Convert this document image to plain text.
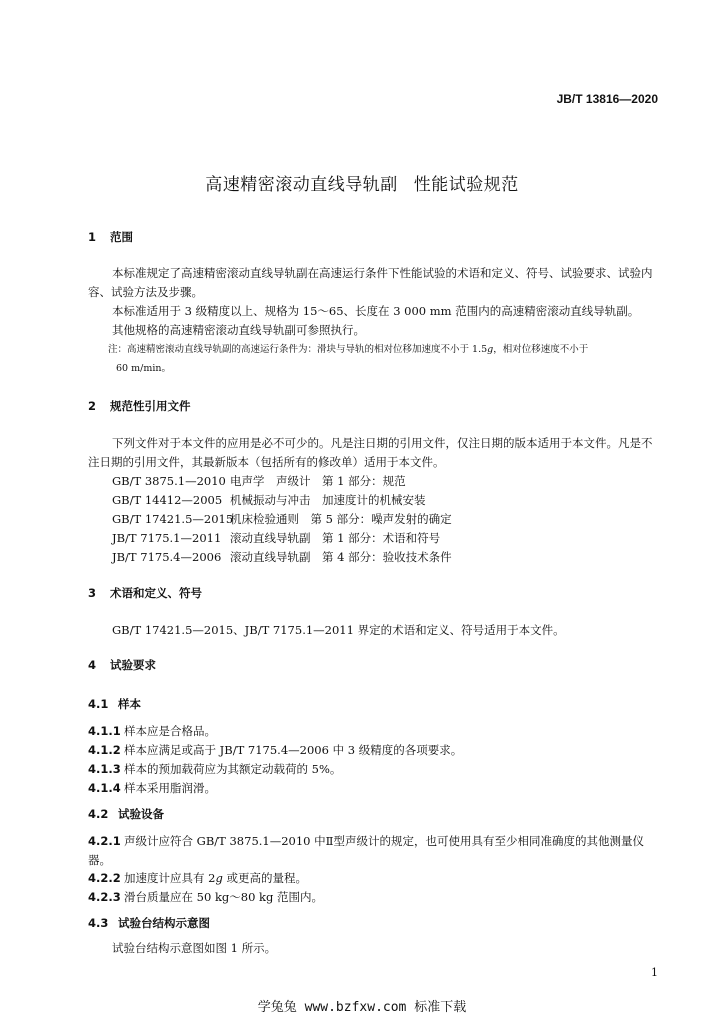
JB/T 13816—2020
高速精密滚动直线导轨副 性能试验规范
1 范围
本标准规定了高速精密滚动直线导轨副在高速运行条件下性能试验的术语和定义、符号、试验要求、试验内容、试验方法及步骤。
本标准适用于 3 级精度以上、规格为 15～65、长度在 3 000 mm 范围内的高速精密滚动直线导轨副。
其他规格的高速精密滚动直线导轨副可参照执行。
注：高速精密滚动直线导轨副的高速运行条件为：滑块与导轨的相对位移加速度不小于 1.5g，相对位移速度不小于
60 m/min。
2 规范性引用文件
下列文件对于本文件的应用是必不可少的。凡是注日期的引用文件，仅注日期的版本适用于本文件。凡是不注日期的引用文件，其最新版本（包括所有的修改单）适用于本文件。
GB/T 3875.1—2010 电声学　声级计　第 1 部分：规范
GB/T 14412—2005 机械振动与冲击　加速度计的机械安装
GB/T 17421.5—2015机床检验通则　第 5 部分：噪声发射的确定
JB/T 7175.1—2011 滚动直线导轨副　第 1 部分：术语和符号
JB/T 7175.4—2006 滚动直线导轨副　第 4 部分：验收技术条件
3 术语和定义、符号
GB/T 17421.5—2015、JB/T 7175.1—2011 界定的术语和定义、符号适用于本文件。
4 试验要求
4.1 样本
4.1.1 样本应是合格品。
4.1.2 样本应满足或高于 JB/T 7175.4—2006 中 3 级精度的各项要求。
4.1.3 样本的预加载荷应为其额定动载荷的 5%。
4.1.4 样本采用脂润滑。
4.2 试验设备
4.2.1 声级计应符合 GB/T 3875.1—2010 中Ⅱ型声级计的规定，也可使用具有至少相同准确度的其他测量仪器。
4.2.2 加速度计应具有 2g 或更高的量程。
4.2.3 滑台质量应在 50 kg～80 kg 范围内。
4.3 试验台结构示意图
试验台结构示意图如图 1 所示。
1
学兔兔 www.bzfxw.com 标准下载
